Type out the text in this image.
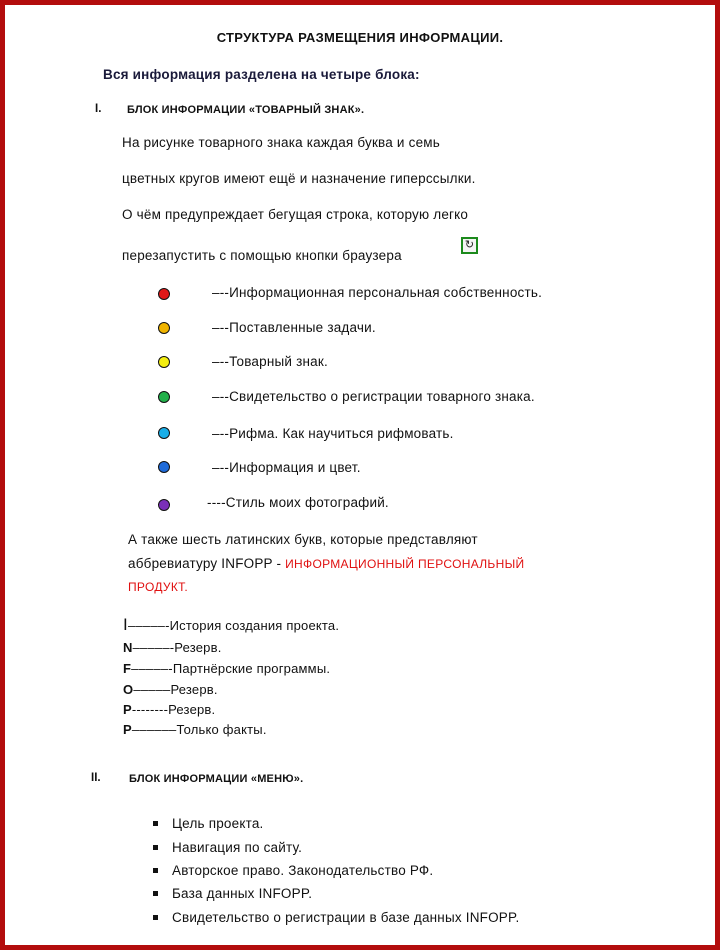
СТРУКТУРА РАЗМЕЩЕНИЯ ИНФОРМАЦИИ.
Вся информация разделена на четыре блока:
I. БЛОК ИНФОРМАЦИИ «ТОВАРНЫЙ ЗНАК».
На рисунке товарного знака каждая буква и семь
цветных кругов имеют ещё и назначение гиперссылки.
О чём предупреждает бегущая строка, которую легко
перезапустить с помощью кнопки браузера
↻
–--Информационная персональная собственность.
–--Поставленные задачи.
–--Товарный знак.
–--Свидетельство о регистрации товарного знака.
–--Рифма. Как научиться рифмовать.
–--Информация и цвет.
----Стиль моих фотографий.
А также шесть латинских букв, которые представляют
аббревиатуру INFOPP - ИНФОРМАЦИОННЫЙ ПЕРСОНАЛЬНЫЙ
ПРОДУКТ.
I–––––-История создания проекта.
N–––––-Резерв.
F–––––-Партнёрские программы.
O–––––Резерв.
P--------Резерв.
P––––––Только факты.
II.	БЛОК ИНФОРМАЦИИ «МЕНЮ».
Цель проекта.
Навигация по сайту.
Авторское право. Законодательство РФ.
База данных INFOPP.
Свидетельство о регистрации в базе данных INFOPP.
